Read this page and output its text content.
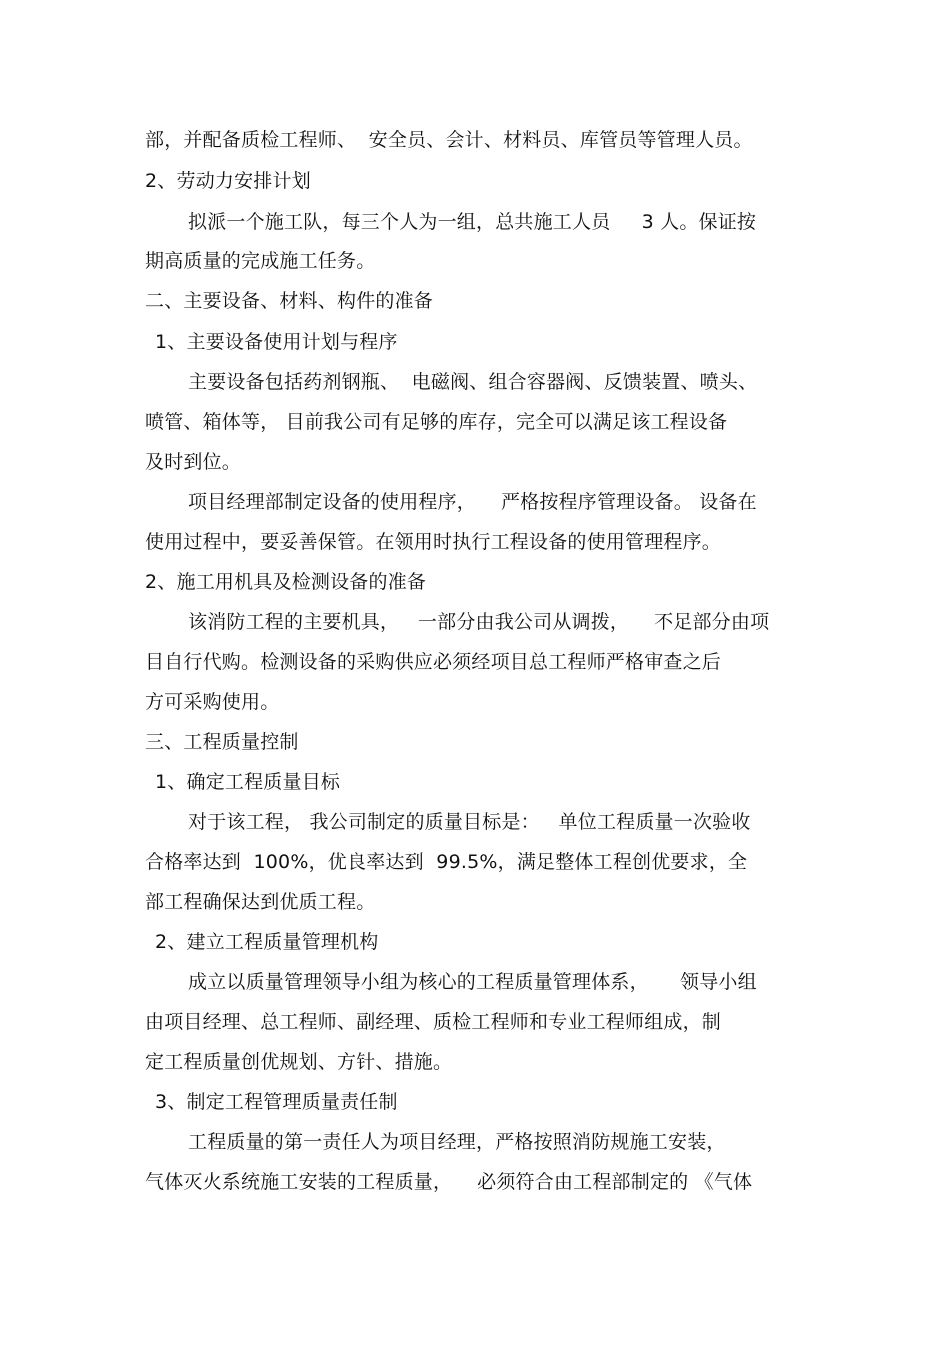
部，并配备质检工程师、  安全员、会计、材料员、库管员等管理人员。
2、劳动力安排计划
拟派一个施工队，每三个人为一组，总共施工人员     3 人。保证按
期高质量的完成施工任务。
二、主要设备、材料、构件的准备
1、主要设备使用计划与程序
主要设备包括药剂钢瓶、  电磁阀、组合容器阀、反馈装置、喷头、
喷管、箱体等， 目前我公司有足够的库存，完全可以满足该工程设备
及时到位。
项目经理部制定设备的使用程序，    严格按程序管理设备。 设备在
使用过程中，要妥善保管。在领用时执行工程设备的使用管理程序。
2、施工用机具及检测设备的准备
该消防工程的主要机具，   一部分由我公司从调拨，    不足部分由项
目自行代购。检测设备的采购供应必须经项目总工程师严格审查之后
方可采购使用。
三、工程质量控制
1、确定工程质量目标
对于该工程， 我公司制定的质量目标是：   单位工程质量一次验收
合格率达到  100%，优良率达到  99.5%，满足整体工程创优要求，全
部工程确保达到优质工程。
2、建立工程质量管理机构
成立以质量管理领导小组为核心的工程质量管理体系，     领导小组
由项目经理、总工程师、副经理、质检工程师和专业工程师组成，制
定工程质量创优规划、方针、措施。
3、制定工程管理质量责任制
工程质量的第一责任人为项目经理，严格按照消防规施工安装，
气体灭火系统施工安装的工程质量，    必须符合由工程部制定的 《气体
